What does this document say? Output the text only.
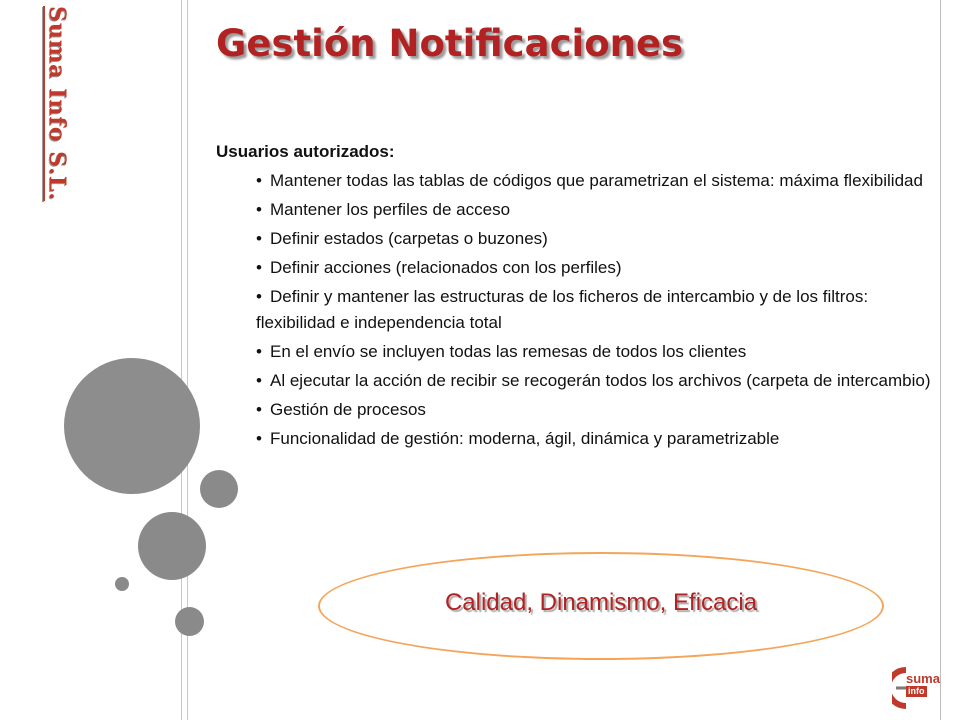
Suma Info S.L.	Gestión Notificaciones

Usuarios autorizados:

• Mantener todas las tablas de códigos que parametrizan el sistema: máxima flexibilidad
• Mantener los perfiles de acceso
• Definir estados (carpetas o buzones)
• Definir acciones (relacionados con los perfiles)
• Definir y mantener las estructuras de los ficheros de intercambio y de los filtros: flexibilidad e independencia total
• En el envío se incluyen todas las remesas de todos los clientes
• Al ejecutar la acción de recibir se recogerán todos los archivos (carpeta de intercambio)
• Gestión de procesos
• Funcionalidad de gestión: moderna, ágil, dinámica y parametrizable
Calidad, Dinamismo, Eficacia
suma
info
